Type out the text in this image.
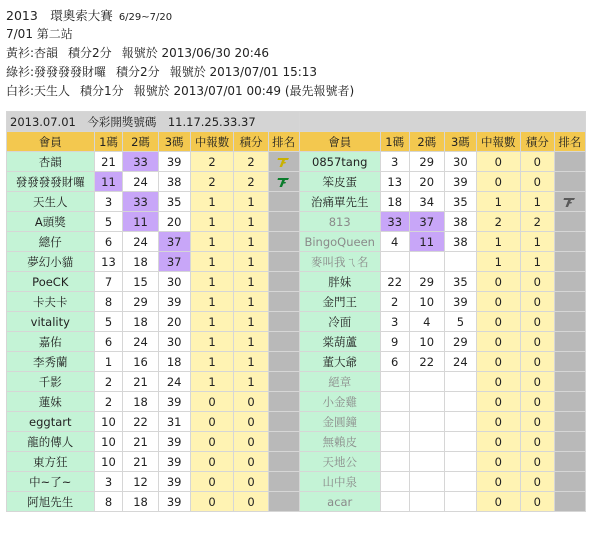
2013　環奧索大賽 6/29~7/20
7/01 第二站
黃衫:杏韻 積分2分 報號於 2013/06/30 20:46
綠衫:發發發發財囉 積分2分 報號於 2013/07/01 15:13
白衫:天生人 積分1分 報號於 2013/07/01 00:49 (最先報號者)
2013.07.01　今彩開獎號碼　11.17.25.33.37													
會員	1碼	2碼	3碼	中報數	積分	排名	會員	1碼	2碼	3碼	中報數	積分	排名
杏韻	21	33	39	2	2		0857tang	3	29	30	0	0	
發發發發財囉	11	24	38	2	2		笨皮蛋	13	20	39	0	0	
天生人	3	33	35	1	1		治痛單先生	18	34	35	1	1	

A頭獎	5	11	20	1	1		813	33	37	38	2	2	
總仔	6	24	37	1	1		BingoQueen	4	11	38	1	1	
夢幻小貓	13	18	37	1	1		麥叫我ㄟ名				1	1	
PoeCK	7	15	30	1	1		胖妹	22	29	35	0	0	
卡夫卡	8	29	39	1	1		金門王	2	10	39	0	0	
vitality	5	18	20	1	1		冷面	3	4	5	0	0	
嘉佑	6	24	30	1	1		棠葫蘆	9	10	29	0	0	
李秀蘭	1	16	18	1	1		董大爺	6	22	24	0	0	
千影	2	21	24	1	1		絕章				0	0	
蓮妹	2	18	39	0	0		小金雞				0	0	
eggtart	10	22	31	0	0		金圓鐘				0	0	
龍的傳人	10	21	39	0	0		無賴皮				0	0	
東方狂	10	21	39	0	0		天地公				0	0	
中~了~	3	12	39	0	0		山中泉				0	0	
阿旭先生	8	18	39	0	0		acar				0	0	
